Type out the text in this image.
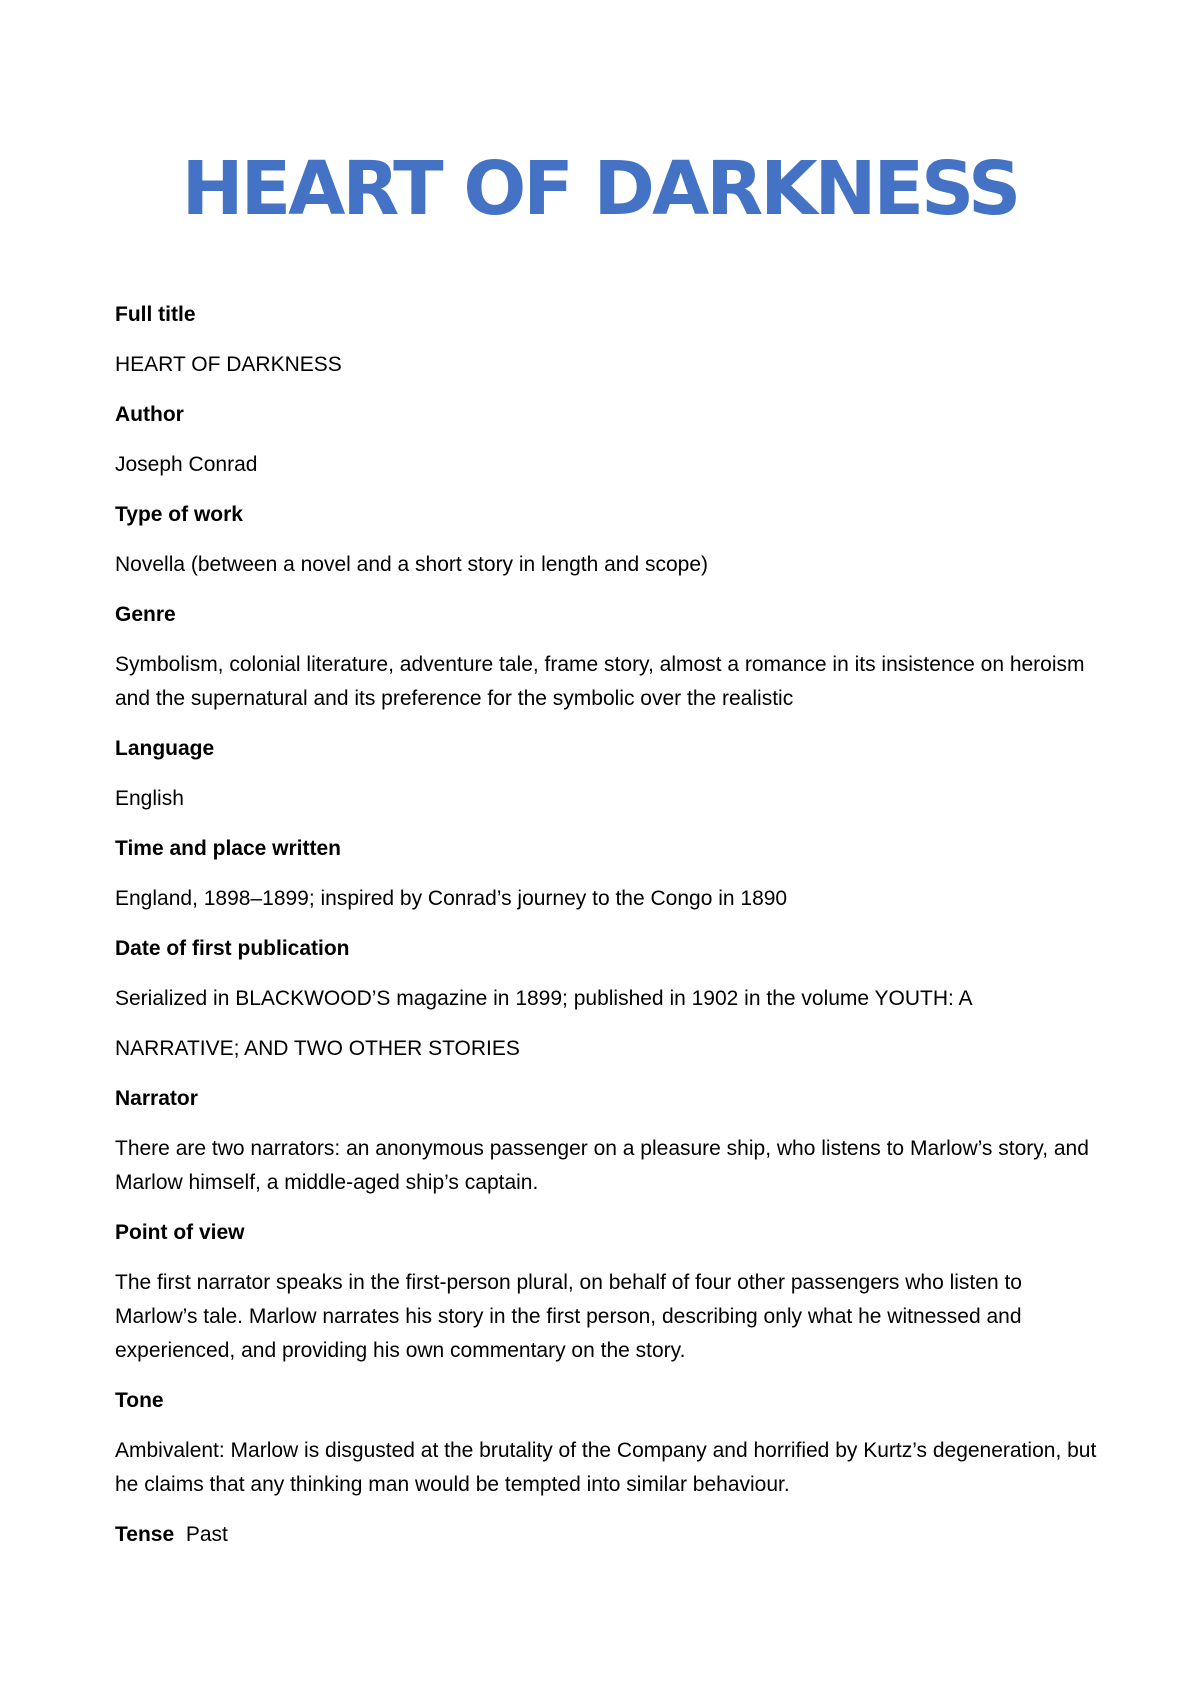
HEART OF DARKNESS

Full title

HEART OF DARKNESS

Author

Joseph Conrad

Type of work

Novella (between a novel and a short story in length and scope)

Genre

Symbolism, colonial literature, adventure tale, frame story, almost a romance in its insistence on heroism and the supernatural and its preference for the symbolic over the realistic

Language

English

Time and place written

England, 1898–1899; inspired by Conrad’s journey to the Congo in 1890

Date of first publication

Serialized in BLACKWOOD’S magazine in 1899; published in 1902 in the volume YOUTH: A

NARRATIVE; AND TWO OTHER STORIES

Narrator

There are two narrators: an anonymous passenger on a pleasure ship, who listens to Marlow’s story, and Marlow himself, a middle-aged ship’s captain.

Point of view

The first narrator speaks in the first-person plural, on behalf of four other passengers who listen to Marlow’s tale. Marlow narrates his story in the first person, describing only what he witnessed and experienced, and providing his own commentary on the story.

Tone

Ambivalent: Marlow is disgusted at the brutality of the Company and horrified by Kurtz’s degeneration, but he claims that any thinking man would be tempted into similar behaviour.

Tense Past
